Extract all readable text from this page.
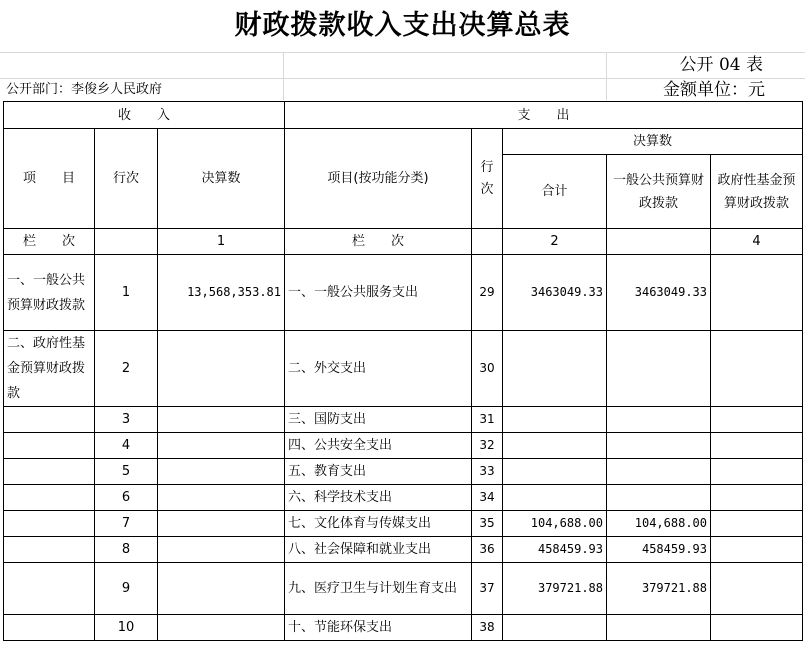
财政拨款收入支出决算总表
公开 04 表
公开部门：李俊乡人民政府	金额单位：元
收　　入			支　　出				
项　　目	行次	决算数	项目(按功能分类)	行次	决算数		
					合计	一般公共预算财政拨款	政府性基金预算财政拨款
栏　　次		1	栏　　次		2		4
一、一般公共预算财政拨款	1	13,568,353.81	一、一般公共服务支出	29	3463049.33	3463049.33	
二、政府性基金预算财政拨款	2		二、外交支出	30			
	3		三、国防支出	31			
	4		四、公共安全支出	32			
	5		五、教育支出	33			
	6		六、科学技术支出	34			
	7		七、文化体育与传媒支出	35	104,688.00	104,688.00	
	8		八、社会保障和就业支出	36	458459.93	458459.93	
	9		九、医疗卫生与计划生育支出	37	379721.88	379721.88	
	10		十、节能环保支出	38			
